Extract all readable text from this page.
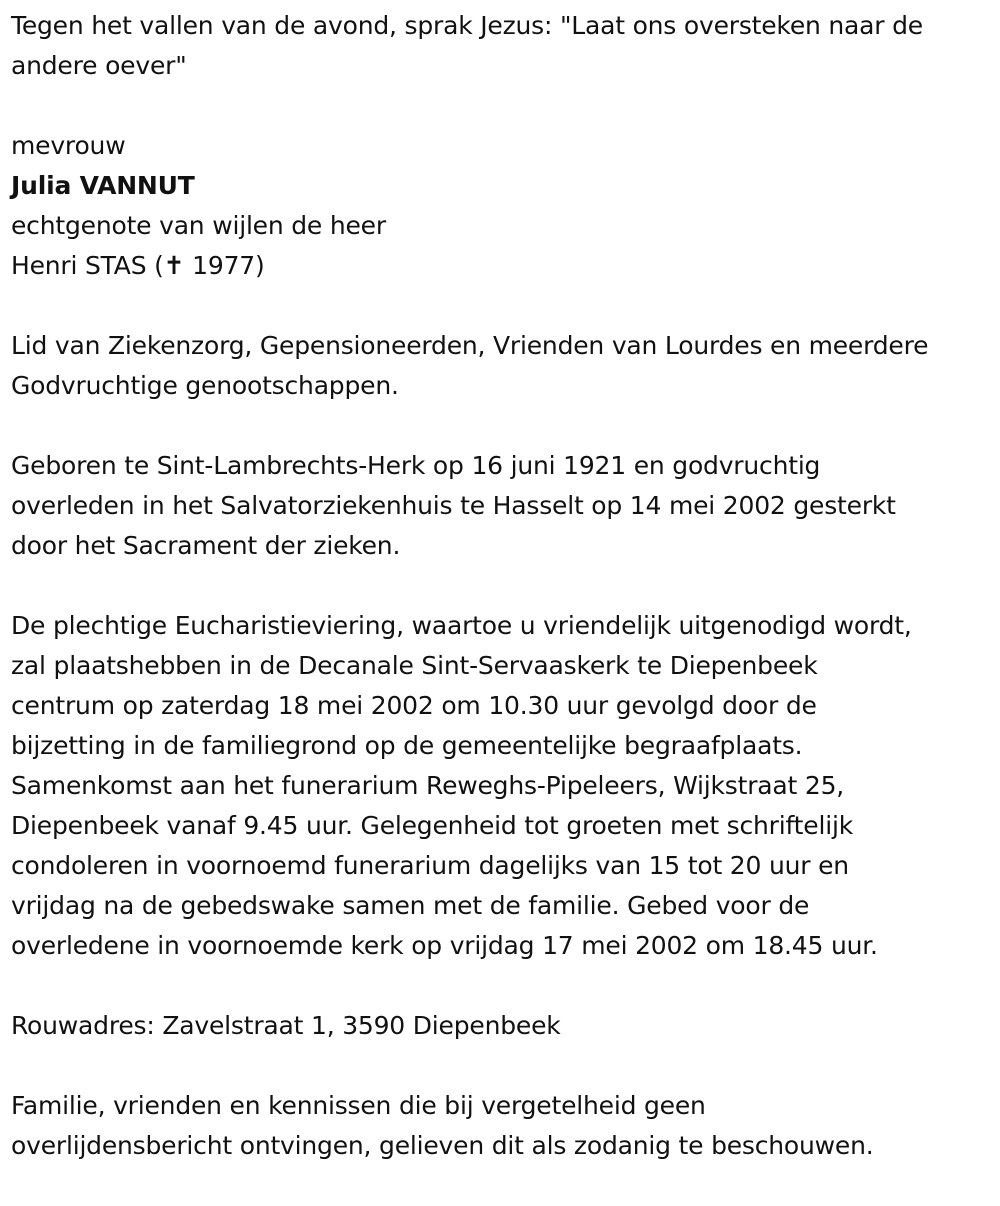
Tegen het vallen van de avond, sprak Jezus: "Laat ons oversteken naar de
andere oever"
mevrouw
Julia VANNUT
echtgenote van wijlen de heer
Henri STAS (✝ 1977)
Lid van Ziekenzorg, Gepensioneerden, Vrienden van Lourdes en meerdere
Godvruchtige genootschappen.
Geboren te Sint-Lambrechts-Herk op 16 juni 1921 en godvruchtig
overleden in het Salvatorziekenhuis te Hasselt op 14 mei 2002 gesterkt
door het Sacrament der zieken.
De plechtige Eucharistieviering, waartoe u vriendelijk uitgenodigd wordt,
zal plaatshebben in de Decanale Sint-Servaaskerk te Diepenbeek
centrum op zaterdag 18 mei 2002 om 10.30 uur gevolgd door de
bijzetting in de familiegrond op de gemeentelijke begraafplaats.
Samenkomst aan het funerarium Reweghs-Pipeleers, Wijkstraat 25,
Diepenbeek vanaf 9.45 uur. Gelegenheid tot groeten met schriftelijk
condoleren in voornoemd funerarium dagelijks van 15 tot 20 uur en
vrijdag na de gebedswake samen met de familie. Gebed voor de
overledene in voornoemde kerk op vrijdag 17 mei 2002 om 18.45 uur.
Rouwadres: Zavelstraat 1, 3590 Diepenbeek
Familie, vrienden en kennissen die bij vergetelheid geen
overlijdensbericht ontvingen, gelieven dit als zodanig te beschouwen.
